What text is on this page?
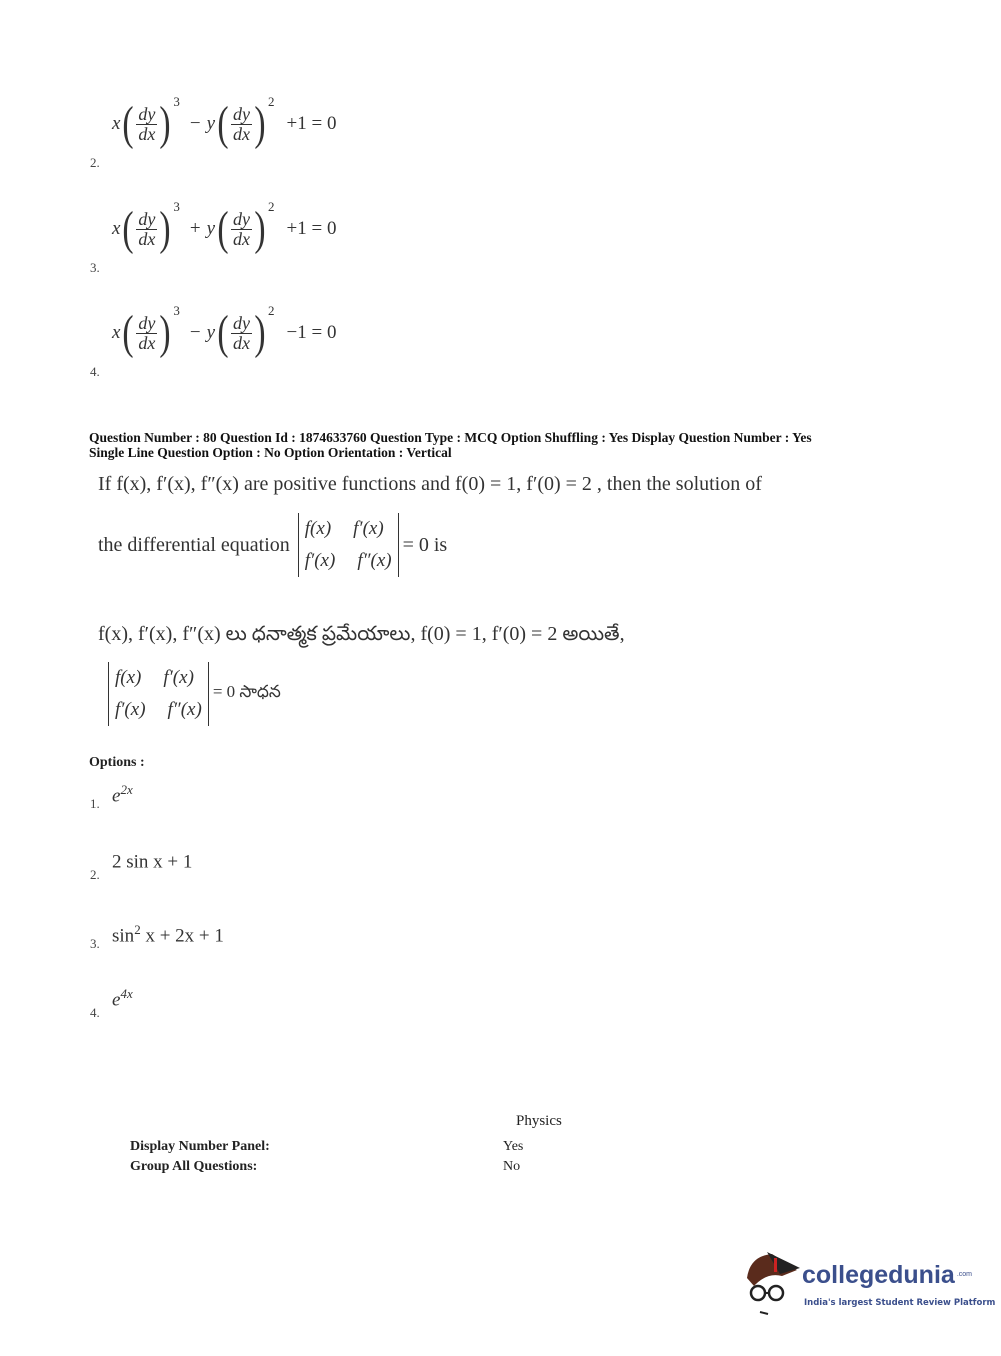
2.
x ( $\frac{dy}{dx}$ ) 3
− y ( $\frac{dy}{dx}$ ) 2
+1 = 0
3.
x ( $\frac{dy}{dx}$ ) 3
+ y ( $\frac{dy}{dx}$ ) 2
+1 = 0
4.
x ( $\frac{dy}{dx}$ ) 3
− y ( $\frac{dy}{dx}$ ) 2
−1 = 0
Question Number : 80 Question Id : 1874633760 Question Type : MCQ Option Shuffling : Yes Display Question Number : Yes
Single Line Question Option : No Option Orientation : Vertical
If f(x), f′(x), f″(x) are positive functions and f(0) = 1, f′(0) = 2 , then the solution of
the differential equation
f(x) f′(x)
f′(x) f″(x)
= 0 is
f(x), f′(x), f″(x) లు ధనాత్మక ప్రమేయాలు, f(0) = 1, f′(0) = 2 అయితే,
f(x) f′(x)
f′(x) f″(x)
= 0 సాధన
Options :
1. $e^{2x}$
2.
2 sin x + 1
3. $\sin^2 x + 2x + 1$
4.
$e^{4x}$
Physics
Display Number Panel:	Yes
Group All Questions:	No
collegedunia .com
India's largest Student Review Platform
